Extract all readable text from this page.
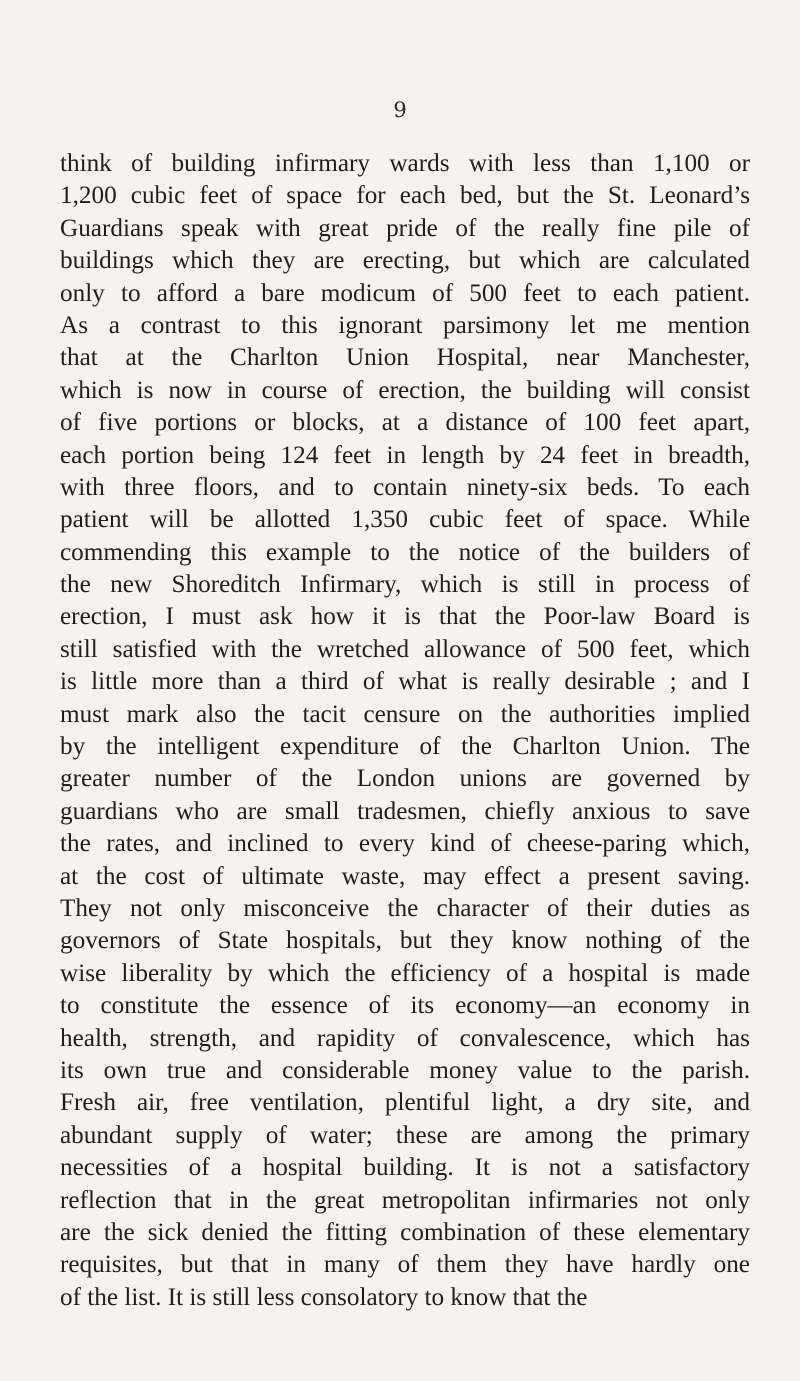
9
think of building infirmary wards with less than 1,100 or
1,200 cubic feet of space for each bed, but the St. Leonard’s
Guardians speak with great pride of the really fine pile of
buildings which they are erecting, but which are calculated
only to afford a bare modicum of 500 feet to each patient.
As a contrast to this ignorant parsimony let me mention
that at the Charlton Union Hospital, near Manchester,
which is now in course of erection, the building will consist
of five portions or blocks, at a distance of 100 feet apart,
each portion being 124 feet in length by 24 feet in breadth,
with three floors, and to contain ninety-six beds. To each
patient will be allotted 1,350 cubic feet of space. While
commending this example to the notice of the builders of
the new Shoreditch Infirmary, which is still in process of
erection, I must ask how it is that the Poor-law Board is
still satisfied with the wretched allowance of 500 feet, which
is little more than a third of what is really desirable ; and I
must mark also the tacit censure on the authorities implied
by the intelligent expenditure of the Charlton Union. The
greater number of the London unions are governed by
guardians who are small tradesmen, chiefly anxious to save
the rates, and inclined to every kind of cheese-paring which,
at the cost of ultimate waste, may effect a present saving.
They not only misconceive the character of their duties as
governors of State hospitals, but they know nothing of the
wise liberality by which the efficiency of a hospital is made
to constitute the essence of its economy—an economy in
health, strength, and rapidity of convalescence, which has
its own true and considerable money value to the parish.
Fresh air, free ventilation, plentiful light, a dry site, and
abundant supply of water; these are among the primary
necessities of a hospital building. It is not a satisfactory
reflection that in the great metropolitan infirmaries not only
are the sick denied the fitting combination of these elementary
requisites, but that in many of them they have hardly one
of the list. It is still less consolatory to know that the
